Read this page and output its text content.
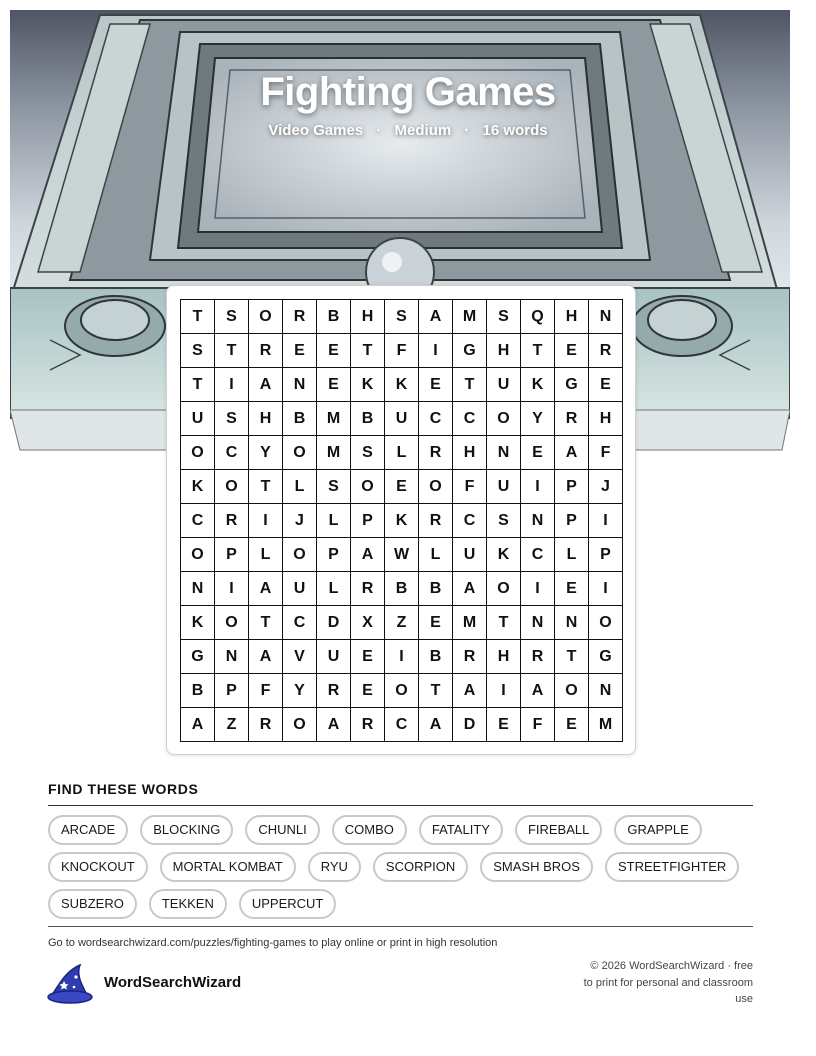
Fighting Games
Video Games · Medium · 16 words
T	S	O	R	B	H	S	A	M	S	Q	H	N
S	T	R	E	E	T	F	I	G	H	T	E	R
T	I	A	N	E	K	K	E	T	U	K	G	E
U	S	H	B	M	B	U	C	C	O	Y	R	H
O	C	Y	O	M	S	L	R	H	N	E	A	F
K	O	T	L	S	O	E	O	F	U	I	P	J
C	R	I	J	L	P	K	R	C	S	N	P	I
O	P	L	O	P	A	W	L	U	K	C	L	P
N	I	A	U	L	R	B	B	A	O	I	E	I
K	O	T	C	D	X	Z	E	M	T	N	N	O
G	N	A	V	U	E	I	B	R	H	R	T	G
B	P	F	Y	R	E	O	T	A	I	A	O	N
A	Z	R	O	A	R	C	A	D	E	F	E	M
FIND THESE WORDS
ARCADE	BLOCKING	CHUNLI	COMBO	FATALITY	FIREBALL	GRAPPLE
KNOCKOUT	MORTAL KOMBAT	RYU	SCORPION	SMASH BROS	STREETFIGHTER
SUBZERO	TEKKEN	UPPERCUT
Go to wordsearchwizard.com/puzzles/fighting-games to play online or print in high resolution
WordSearchWizard
© 2026 WordSearchWizard · free to print for personal and classroom use
